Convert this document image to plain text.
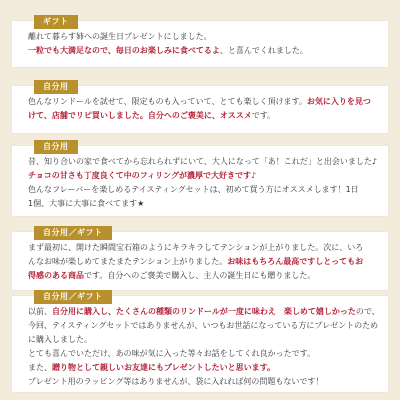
ギフト
離れて暮らす姉への誕生日プレゼントにしました。
一粒でも大満足なので、毎日のお楽しみに食べてるよ、と喜んでくれました。
自分用
色んなリンドールを試せて、限定ものも入っていて、とても楽しく頂けます。お気に入りを見つ
けて、店舗でリピ買いしました。自分へのご褒美に、オススメです。
自分用
昔、知り合いの家で食べてから忘れられずにいて、大人になって「あ！これだ」と出会いました♪
チョコの甘さも丁度良くて中のフィリングが濃厚で大好きです♪
色んなフレーバーを楽しめるテイスティングセットは、初めて買う方にオススメします！1日
1個、大事に大事に食べてます★
自分用／ギフト
まず最初に、開けた瞬間宝石箱のようにキラキラしてテンションが上がりました。次に、いろ
んなお味が楽しめてまたまたテンション上がりました。お味はもちろん最高ですしとってもお
得感のある商品です。自分へのご褒美で購入し、主人の誕生日にも贈りました。
自分用／ギフト
以前、自分用に購入し、たくさんの種類のリンドールが一度に味わえ　楽しめて嬉しかったので、
今回、テイスティングセットではありませんが、いつもお世話になっている方にプレゼントのため
に購入しました。
とても喜んでいただけ、あの味が気に入った等々お話をしてくれ良かったです。
また、贈り物として親しいお友達にもプレゼントしたいと思います。
プレゼント用のラッピング等はありませんが、袋に入れれば何の問題もないです！
